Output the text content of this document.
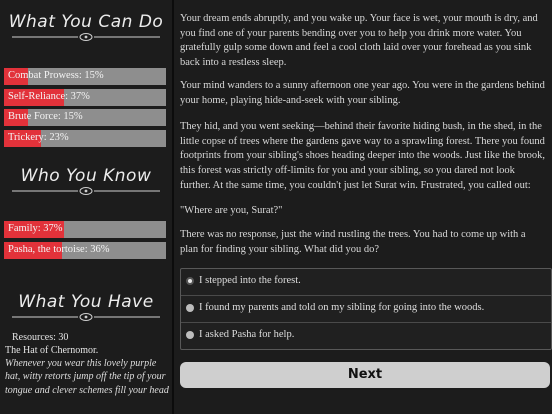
What You Can Do
Combat Prowess: 15%
Self-Reliance: 37%
Brute Force: 15%
Trickery: 23%
Who You Know
Family: 37%
Pasha, the tortoise: 36%
What You Have
Resources: 30
The Hat of Chernomor.
Whenever you wear this lovely purple hat, witty retorts jump off the tip of your tongue and clever schemes fill your head

Your dream ends abruptly, and you wake up. Your face is wet, your mouth is dry, and you find one of your parents bending over you to help you drink more water. You gratefully gulp some down and feel a cool cloth laid over your forehead as you sink back into a restless sleep.

Your mind wanders to a sunny afternoon one year ago. You were in the gardens behind your home, playing hide-and-seek with your sibling.

They hid, and you went seeking—behind their favorite hiding bush, in the shed, in the little copse of trees where the gardens gave way to a sprawling forest. There you found footprints from your sibling's shoes heading deeper into the woods. Just like the brook, this forest was strictly off-limits for you and your sibling, so you dared not look further. At the same time, you couldn't just let Surat win. Frustrated, you called out:

"Where are you, Surat?"

There was no response, just the wind rustling the trees. You had to come up with a plan for finding your sibling. What did you do?

I stepped into the forest.
I found my parents and told on my sibling for going into the woods.
I asked Pasha for help.
Next
